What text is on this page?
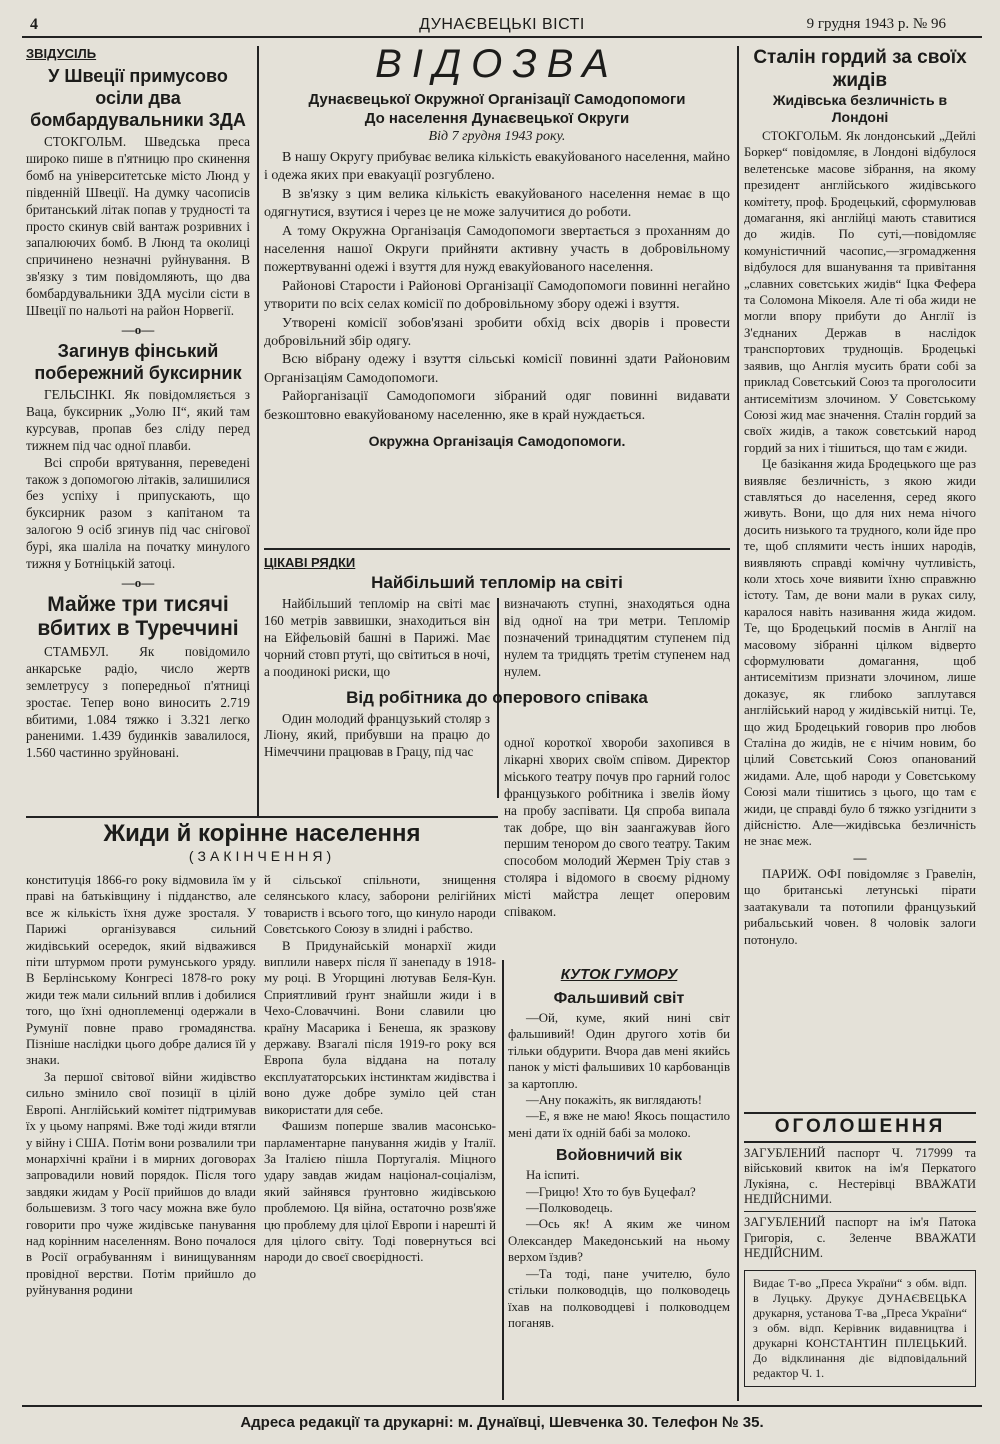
4	ДУНАЄВЕЦЬКІ ВІСТІ	9 грудня 1943 р. № 96
ЗВІДУСІЛЬ
У Швеції примусово осіли два бомбардувальники ЗДА

СТОКГОЛЬМ. Шведська преса широко пише в п'ятницю про скинення бомб на університетське місто Люнд у південній Швеції. На думку часописів британський літак попав у трудності та просто скинув свій вантаж розривних і запалюючих бомб. В Люнд та околиці спричинено незначні руйнування. В зв'язку з тим повідомляють, що два бомбардувальники ЗДА мусіли сісти в Швеції по нальоті на район Норвегії.

—o—
Загинув фінський побережний буксирник

ГЕЛЬСІНКІ. Як повідомляється з Ваца, буксирник „Уолю ІІ“, який там курсував, пропав без сліду перед тижнем під час одної плавби.

Всі спроби врятування, переведені також з допомогою літаків, залишилися без успіху і припускають, що буксирник разом з капітаном та залогою 9 осіб згинув під час снігової бурі, яка шаліла на початку минулого тижня у Ботніцькій затоці.

—o—
Майже три тисячі вбитих в Туреччині

СТАМБУЛ. Як повідомило анкарське радіо, число жертв землетрусу з попередньої п'ятниці зростає. Тепер воно виносить 2.719 вбитими, 1.084 тяжко і 3.321 легко раненими. 1.439 будинків завалилося, 1.560 частинно зруйновані.

ВІДОЗВА
Дунаєвецької Окружної Організації Самодопомоги
До населення Дунаєвецької Округи
Від 7 грудня 1943 року.

В нашу Округу прибуває велика кількість евакуйованого населення, майно і одежа яких при евакуації розгублено.

В зв'язку з цим велика кількість евакуйованого населення немає в що одягнутися, взутися і через це не може залучитися до роботи.

А тому Окружна Організація Самодопомоги звертається з проханням до населення нашої Округи прийняти активну участь в добровільному пожертвуванні одежі і взуття для нужд евакуйованого населення.

Районові Старости і Районові Організації Самодопомоги повинні негайно утворити по всіх селах комісії по добровільному збору одежі і взуття.

Утворені комісії зобов'язані зробити обхід всіх дворів і провести добровільний збір одягу.

Всю вібрану одежу і взуття сільські комісії повинні здати Районовим Організаціям Самодопомоги.

Райорганізації Самодопомоги зібраний одяг повинні видавати безкоштовно евакуйованому населенню, яке в край нуждається.

Окружна Організація Самодопомоги.
ЦІКАВІ РЯДКИ
Найбільший тепломір на світі

Найбільший тепломір на світі має 160 метрів заввишки, знаходиться він на Ейфельовій башні в Парижі. Має чорний стовп ртуті, що світиться в ночі, а поодинокі риски, що

визначають ступні, знаходяться одна від одної на три метри. Тепломір позначений тринадцятим ступенем під нулем та тридцять третім ступенем над нулем.

Від робітника до оперового співака

Один молодий французький столяр з Ліону, який, прибувши на працю до Німеччини працював в Грацу, під час

одної короткої хвороби захопився в лікарні хворих своїм співом. Директор міського театру почув про гарний голос французького робітника і звелів йому на пробу заспівати. Ця спроба випала так добре, що він заангажував його першим тенором до свого театру. Таким способом молодий Жермен Тріу став з столяра і відомого в своєму рідному місті майстра лещет оперовим співаком.

Жиди й корінне населення
(ЗАКІНЧЕННЯ)

конституція 1866-го року відмовила їм у праві на батьківщину і підданство, але все ж кількість їхня дуже зросталя. У Парижі організувався сильний жидівський осередок, який відважився піти штурмом проти румунського уряду. В Берлінському Конгресі 1878-го року жиди теж мали сильний вплив і добилися того, що їхні одноплеменці одержали в Румунії повне право громадянства. Пізніше наслідки цього добре далися їй у знаки.

За першої світової війни жидівство сильно змінило свої позиції в цілій Европі. Англійський комітет підтримував їх у цьому напрямі. Вже тоді жиди втягли у війну і США. Потім вони розвалили три монархічні країни і в мирних договорах запровадили новий порядок. Після того завдяки жидам у Росії прийшов до влади большевизм. З того часу можна вже було говорити про чуже жидівське панування над корінним населенням. Воно почалося в Росії ограбуванням і винищуванням провідної верстви. Потім прийшло до руйнування родини

й сільської спільноти, знищення селянського класу, заборони релігійних товариств і всього того, що кинуло народи Совєтського Союзу в злидні і рабство.

В Придунайській монархії жиди виплили наверх після її занепаду в 1918-му році. В Угорщині лютував Беля-Кун. Сприятливий ґрунт знайшли жиди і в Чехо-Словаччині. Вони славили цю країну Масарика і Бенеша, як зразкову державу. Взагалі після 1919-го року вся Европа була віддана на поталу експлуататорських інстинктам жидівства і воно дуже добре зуміло цей стан використати для себе.

Фашизм поперше звалив масонсько-парламентарне панування жидів у Італії. За Італією пішла Португалія. Міцного удару завдав жидам націонал-соціалізм, який зайнявся ґрунтовно жидівською проблемою. Ця війна, остаточно розв'яже цю проблему для цілої Европи і нарешті й для цілого світу. Тоді повернуться всі народи до своєї своєрідності.

КУТОК ГУМОРУ
Фальшивий світ

—Ой, куме, який нині світ фальшивий! Один другого хотів би тільки обдурити. Вчора дав мені якийсь панок у місті фальшивих 10 карбованців за картоплю.

—Ану покажіть, як виглядають!

—Е, я вже не маю! Якось пощастило мені дати їх одній бабі за молоко.

Войовничий вік

На іспиті.

—Грицю! Хто то був Буцефал?

—Полководець.

—Ось як! А яким же чином Олександер Македонський на ньому верхом їздив?

—Та тоді, пане учителю, було стільки полководців, що полководець їхав на полководцеві і полководцем поганяв.

Сталін гордий за своїх жидів
Жидівська безличність в Лондоні

СТОКГОЛЬМ. Як лондонський „Дейлі Боркер“ повідомляє, в Лондоні відбулося велетенське масове зібрання, на якому президент англійського жидівського комітету, проф. Бродецький, сформулював домагання, які англійці мають ставитися до жидів. По суті,—повідомляє комуністичний часопис,—згромадження відбулося для вшанування та привітання „славних совєтських жидів“ Іцка Фефера та Соломона Мікоеля. Але ті оба жиди не могли впору прибути до Англії із З'єднаних Держав в наслідок транспортових труднощів. Бродецькі заявив, що Англія мусить брати собі за приклад Совєтський Союз та проголосити антисемітизм злочином. У Совєтському Союзі жид має значення. Сталін гордий за своїх жидів, а також совєтський народ гордий за них і тішиться, що там є жиди.

Це базікання жида Бродецького ще раз виявляє безличність, з якою жиди ставляться до населення, серед якого живуть. Вони, що для них нема нічого досить низького та трудного, коли йде про те, щоб сплямити честь інших народів, виявляють справді комічну чутливість, коли хтось хоче виявити їхню справжню істоту. Там, де вони мали в руках силу, каралося навіть називання жида жидом. Те, що Бродецький посмів в Англії на масовому зібранні цілком відверто сформулювати домагання, щоб антисемітизм признати злочином, лише доказує, як глибоко заплутався англійський народ у жидівській нитці. Те, що жид Бродецький говорив про любов Сталіна до жидів, не є нічим новим, бо цілий Совєтський Союз опанований жидами. Але, щоб народи у Совєтському Союзі мали тішитись з цього, що там є жиди, це справді було б тяжко узгіднити з дійсністю. Але—жидівська безличність не знає меж.

—

ПАРИЖ. ОФІ повідомляє з Гравелін, що британські летунські пірати заатакували та потопили французький рибальський човен. 8 чоловік залоги потонуло.

ОГОЛОШЕННЯ
ЗАГУБЛЕНИЙ паспорт Ч. 717999 та військовий квиток на ім'я Перкатого Лукіяна, с. Нестерівці ВВАЖАТИ НЕДІЙСНИМИ.
ЗАГУБЛЕНИЙ паспорт на ім'я Патока Григорія, с. Зеленче ВВАЖАТИ НЕДІЙСНИМ.
Видає Т-во „Преса України“ з обм. відп. в Луцьку. Друкує ДУНАЄВЕЦЬКА друкарня, установа Т-ва „Преса України“ з обм. відп. Керівник видавництва і друкарні КОНСТАНТИН ПІЛЕЦЬКИЙ. До відклинання діє відповідальний редактор Ч. 1.
Адреса редакції та друкарні: м. Дунаївці, Шевченка 30. Телефон № 35.
